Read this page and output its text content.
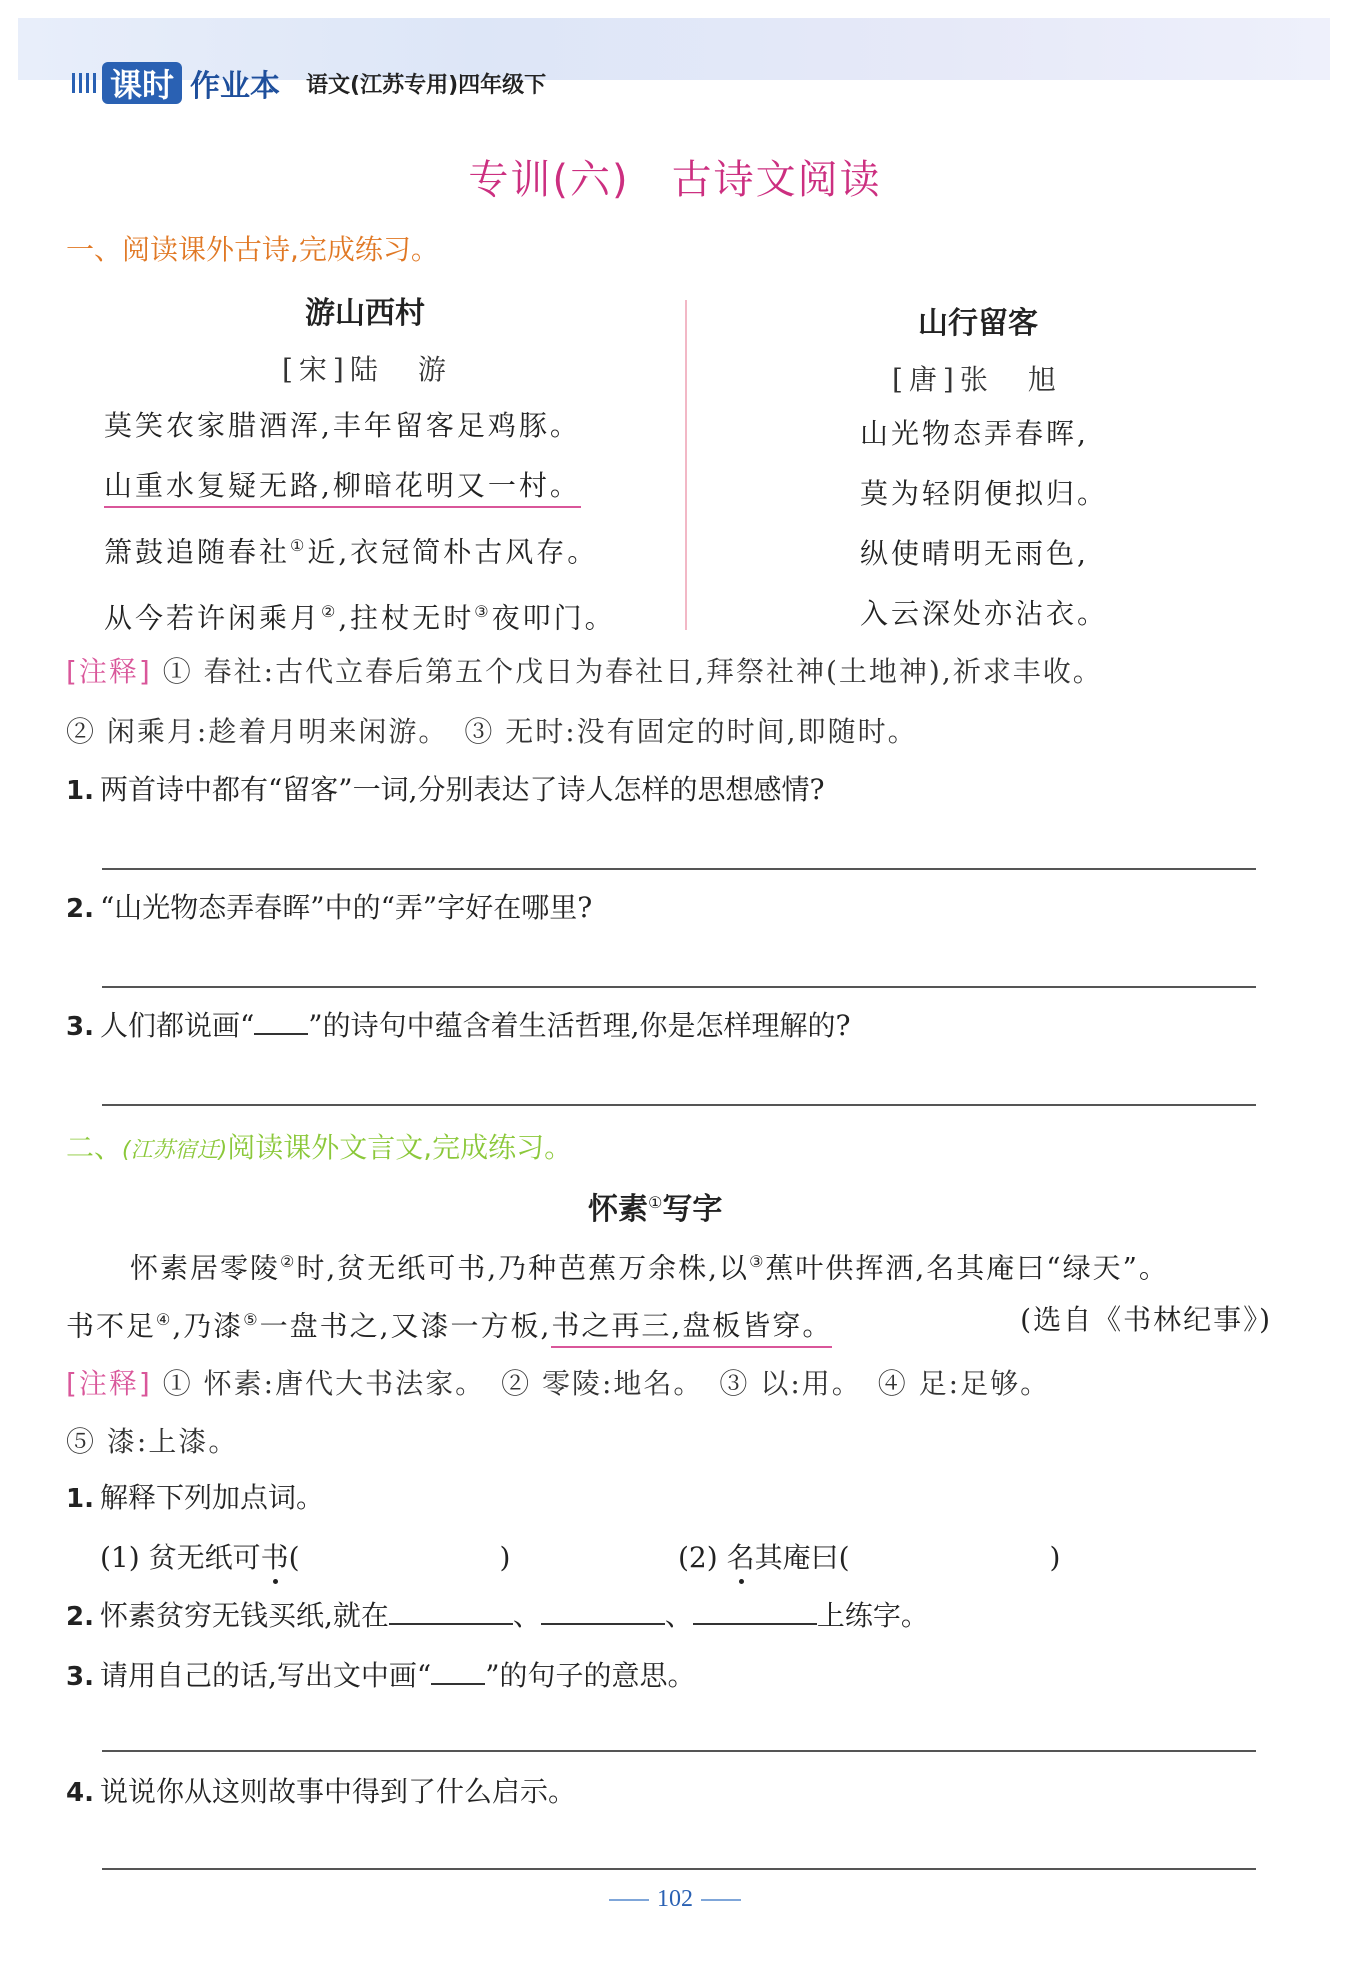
课时 作业本 语文(江苏专用)四年级下
专训(六) 古诗文阅读
一、阅读课外古诗,完成练习。
游山西村
[宋]陆　游
莫笑农家腊酒浑,丰年留客足鸡豚。
山重水复疑无路,柳暗花明又一村。
箫鼓追随春社①近,衣冠简朴古风存。
从今若许闲乘月②,拄杖无时③夜叩门。
山行留客
[唐]张　旭
山光物态弄春晖,
莫为轻阴便拟归。
纵使晴明无雨色,
入云深处亦沾衣。
[注释] ① 春社:古代立春后第五个戊日为春社日,拜祭社神(土地神),祈求丰收。
② 闲乘月:趁着月明来闲游。　③ 无时:没有固定的时间,即随时。
1. 两首诗中都有“留客”一词,分别表达了诗人怎样的思想感情?
2. “山光物态弄春晖”中的“弄”字好在哪里?
3. 人们都说画“ ”的诗句中蕴含着生活哲理,你是怎样理解的?
二、(江苏宿迁)阅读课外文言文,完成练习。
怀素①写字
怀素居零陵②时,贫无纸可书,乃种芭蕉万余株,以③蕉叶供挥洒,名其庵曰“绿天”。
书不足④,乃漆⑤一盘书之,又漆一方板,书之再三,盘板皆穿。	(选自《书林纪事》)
[注释] ① 怀素:唐代大书法家。　② 零陵:地名。　③ 以:用。　④ 足:足够。
⑤ 漆:上漆。
1. 解释下列加点词。
(1) 贫无纸可书(	)	(2) 名其庵曰(	)
2. 怀素贫穷无钱买纸,就在	、	、	上练字。
3. 请用自己的话,写出文中画“ ”的句子的意思。
4. 说说你从这则故事中得到了什么启示。
102
